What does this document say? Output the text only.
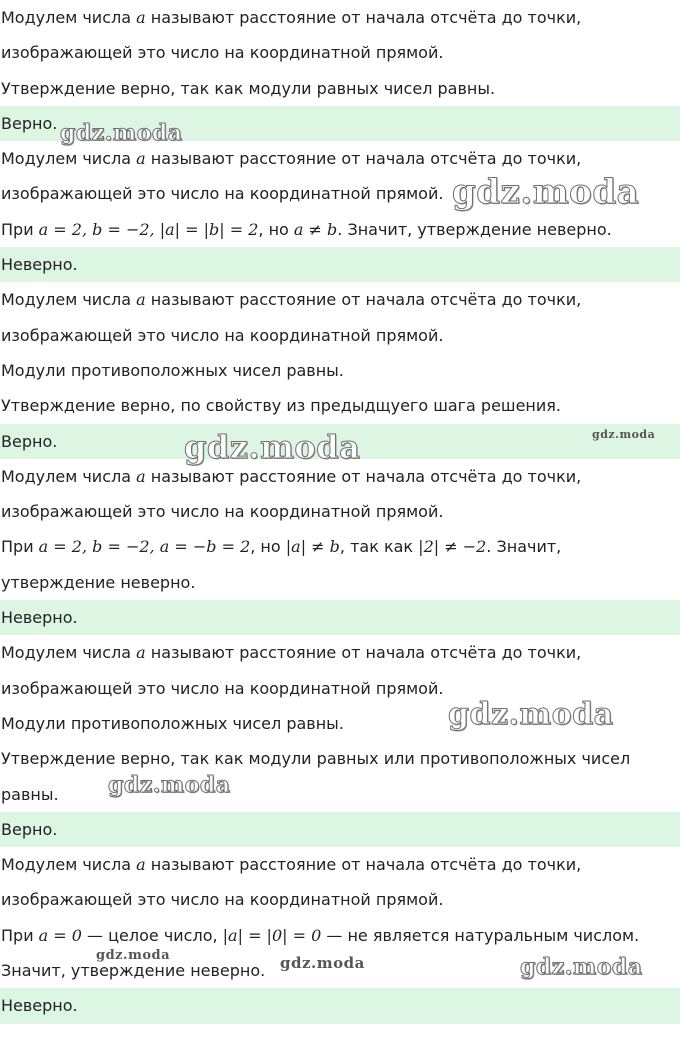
Модулем числа a называют расстояние от начала отсчёта до точки,
изображающей это число на координатной прямой.
Утверждение верно, так как модули равных чисел равны.
Верно.
Модулем числа a называют расстояние от начала отсчёта до точки,
изображающей это число на координатной прямой.
При a = 2, b = −2, |a| = |b| = 2, но a ≠ b. Значит, утверждение неверно.
Неверно.
Модулем числа a называют расстояние от начала отсчёта до точки,
изображающей это число на координатной прямой.
Модули противоположных чисел равны.
Утверждение верно, по свойству из предыдщуего шага решения.
Верно.
Модулем числа a называют расстояние от начала отсчёта до точки,
изображающей это число на координатной прямой.
При a = 2, b = −2, a = −b = 2, но |a| ≠ b, так как |2| ≠ −2. Значит,
утверждение неверно.
Неверно.
Модулем числа a называют расстояние от начала отсчёта до точки,
изображающей это число на координатной прямой.
Модули противоположных чисел равны.
Утверждение верно, так как модули равных или противоположных чисел
равны.
Верно.
Модулем числа a называют расстояние от начала отсчёта до точки,
изображающей это число на координатной прямой.
При a = 0 — целое число, |a| = |0| = 0 — не является натуральным числом.
Значит, утверждение неверно.
Неверно.
gdz.moda
gdz.moda
gdz.moda	gdz.moda
gdz.moda
gdz.moda
gdz.moda	gdz.moda	gdz.moda
